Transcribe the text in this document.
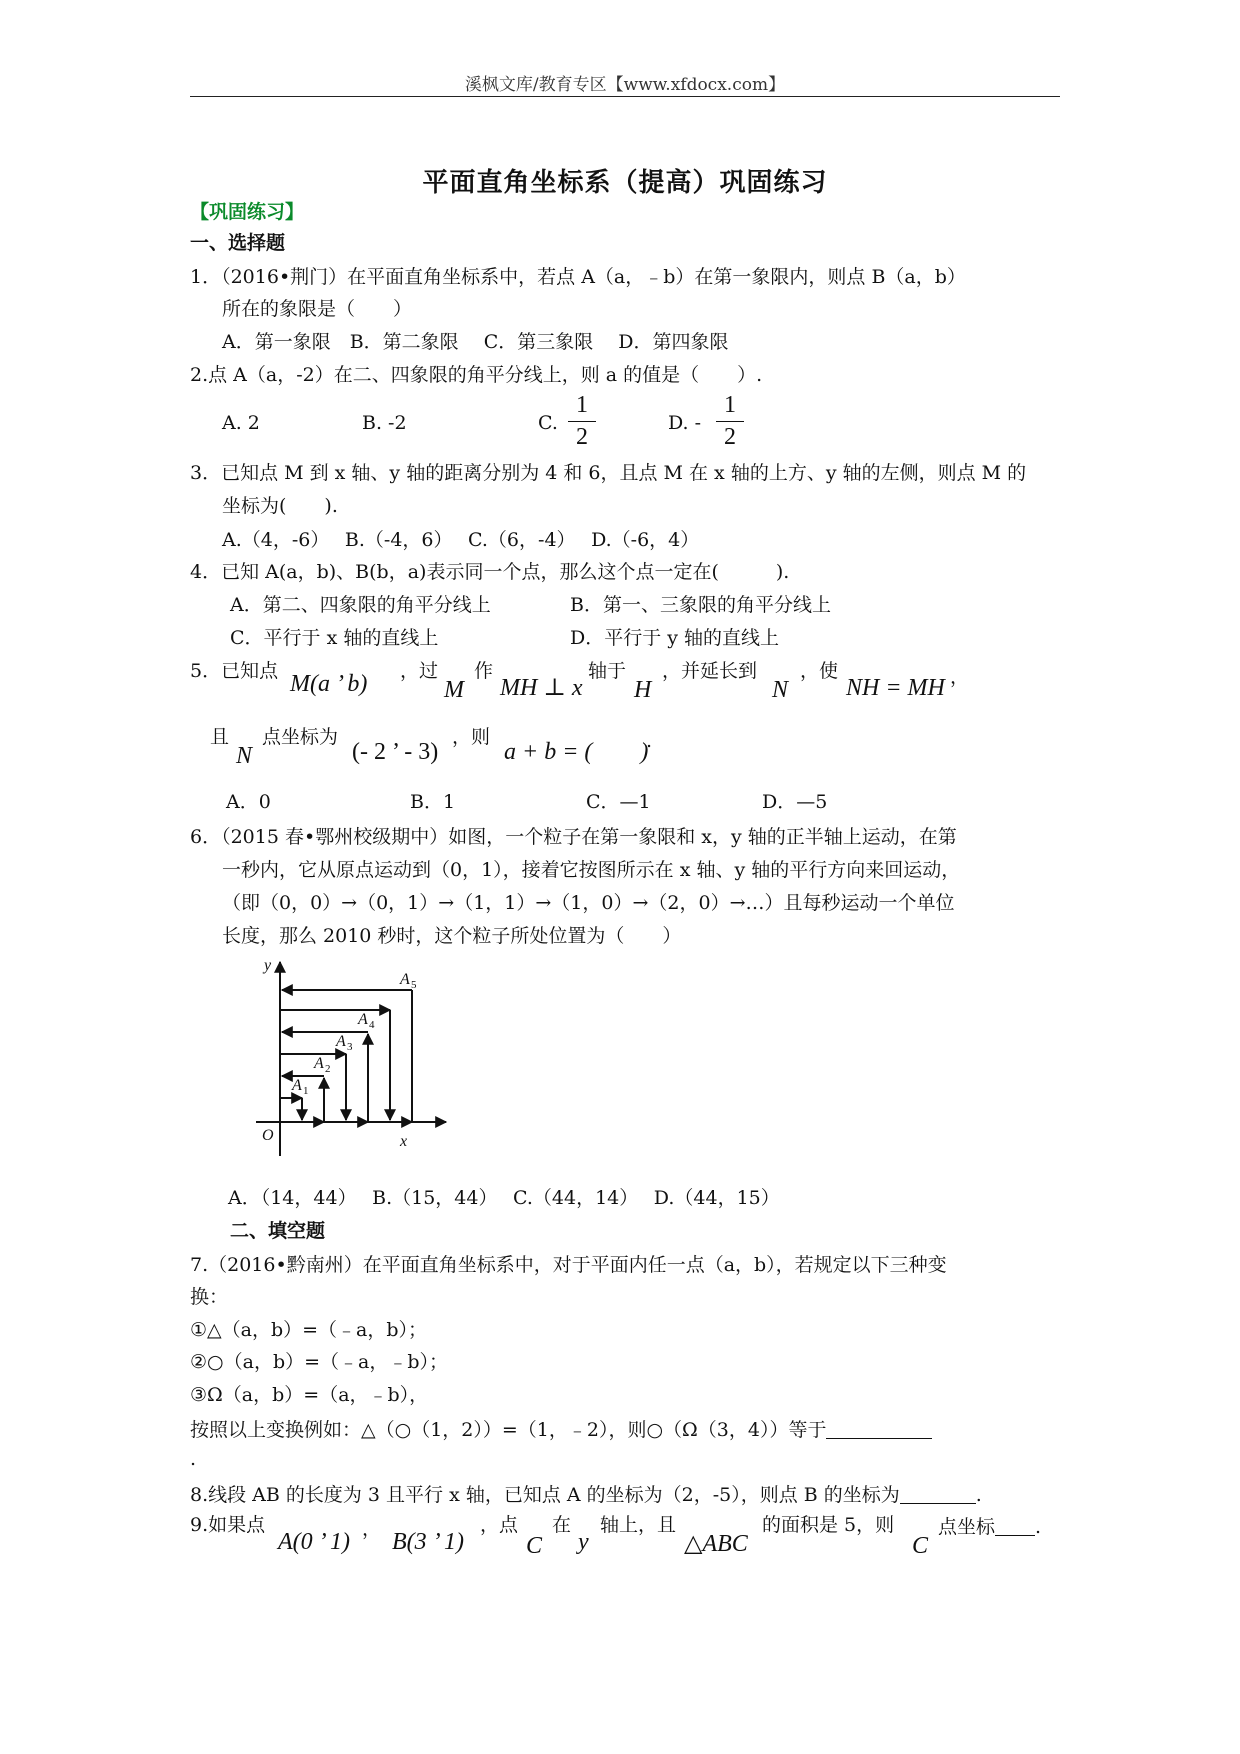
溪枫文库/教育专区【www.xfdocx.com】
平面直角坐标系（提高）巩固练习
【巩固练习】
一、选择题
1．（2016•荆门）在平面直角坐标系中，若点 A（a，﹣b）在第一象限内，则点 B（a，b）
所在的象限是（　　）
A．第一象限　B．第二象限　 C．第三象限　 D．第四象限
2.点 A（a，-2）在二、四象限的角平分线上，则 a 的值是（　　）.
A. 2	B. -2	C.
1
2
D. -
1
2
3．已知点 M 到 x 轴、y 轴的距离分别为 4 和 6，且点 M 在 x 轴的上方、y 轴的左侧，则点 M 的
坐标为(　　).
A.（4，-6）　 B.（-4，6）　 C.（6，-4）　 D.（-6，4）
4．已知 A(a，b)、B(b，a)表示同一个点，那么这个点一定在(　　　).
A．第二、四象限的角平分线上	B．第一、三象限的角平分线上
C．平行于 x 轴的直线上	D．平行于 y 轴的直线上
5．已知点 M(a ’ b) ，过
M
作
MH ⊥ x
轴于
H
，并延长到
N
，使
NH = MH ，
且
N
点坐标为
(- 2 ’ - 3)
，则
a + b = (　　)
.
A．0	B．1	C．—1	D．—5
6．（2015 春•鄂州校级期中）如图，一个粒子在第一象限和 x，y 轴的正半轴上运动，在第
一秒内，它从原点运动到（0，1），接着它按图所示在 x 轴、y 轴的平行方向来回运动，
（即（0，0）→（0，1）→（1，1）→（1，0）→（2，0）→…）且每秒运动一个单位
长度，那么 2010 秒时，这个粒子所处位置为（　　）
y
x
O
A
A
A
A
A
1
2
3
4
5
A．（14，44）　 B.（15，44）　 C.（44，14）　 D.（44，15）
二、填空题
7.（2016•黔南州）在平面直角坐标系中，对于平面内任一点（a，b），若规定以下三种变
换：
①△（a，b）=（﹣a，b）；
②○（a，b）=（﹣a，﹣b）；
③Ω（a，b）=（a，﹣b），
按照以上变换例如：△（○（1，2））=（1，﹣2），则○（Ω（3，4））等于
.
8.线段 AB 的长度为 3 且平行 x 轴，已知点 A 的坐标为（2，-5），则点 B 的坐标为	.
9.如果点
A(0 ’ 1) ， B(3 ’ 1)
，点
C
在
y
轴上，且
△ABC
的面积是 5，则
C
点坐标 .
